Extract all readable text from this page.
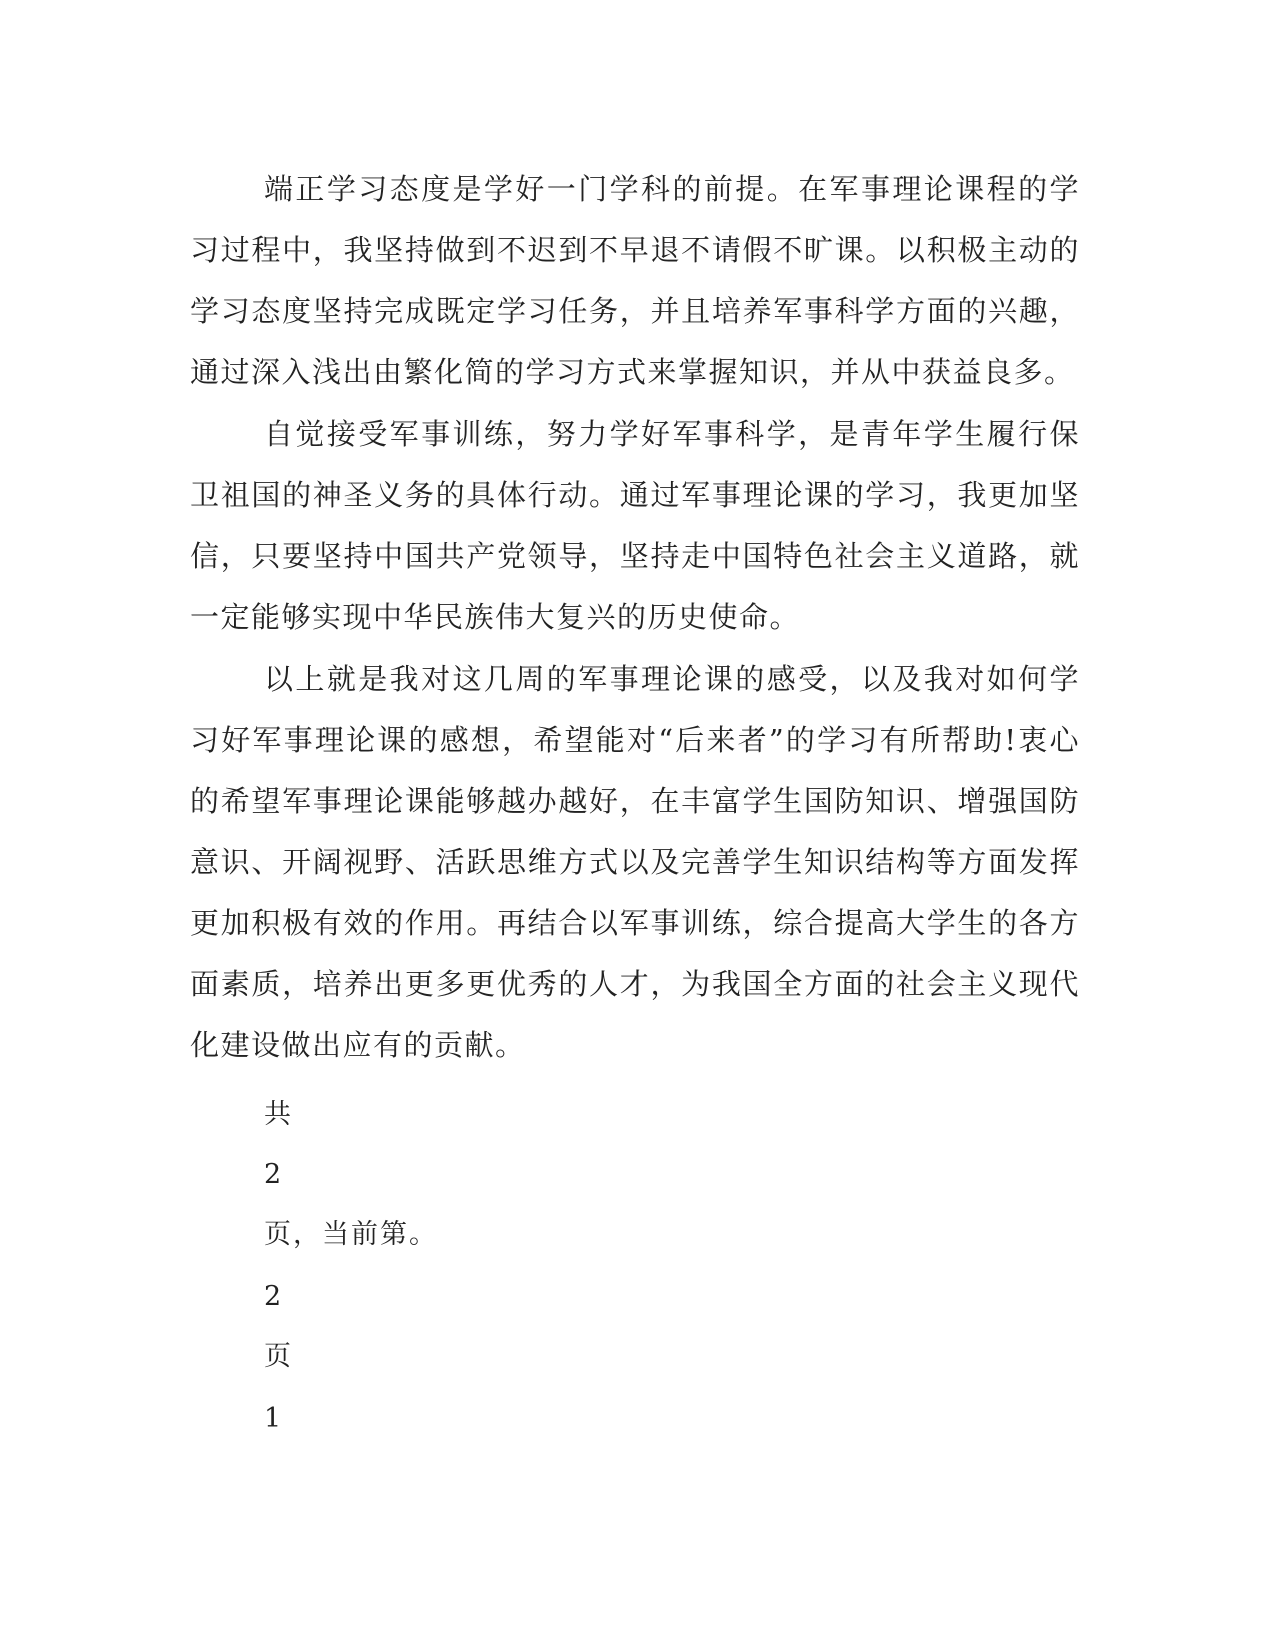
端正学习态度是学好一门学科的前提。在军事理论课程的学习过程中，我坚持做到不迟到不早退不请假不旷课。以积极主动的学习态度坚持完成既定学习任务，并且培养军事科学方面的兴趣，通过深入浅出由繁化简的学习方式来掌握知识，并从中获益良多。

自觉接受军事训练，努力学好军事科学，是青年学生履行保卫祖国的神圣义务的具体行动。通过军事理论课的学习，我更加坚信，只要坚持中国共产党领导，坚持走中国特色社会主义道路，就一定能够实现中华民族伟大复兴的历史使命。

以上就是我对这几周的军事理论课的感受，以及我对如何学习好军事理论课的感想，希望能对“后来者”的学习有所帮助!衷心的希望军事理论课能够越办越好，在丰富学生国防知识、增强国防意识、开阔视野、活跃思维方式以及完善学生知识结构等方面发挥更加积极有效的作用。再结合以军事训练，综合提高大学生的各方面素质，培养出更多更优秀的人才，为我国全方面的社会主义现代化建设做出应有的贡献。

共

2

页，当前第。

2

页

1
